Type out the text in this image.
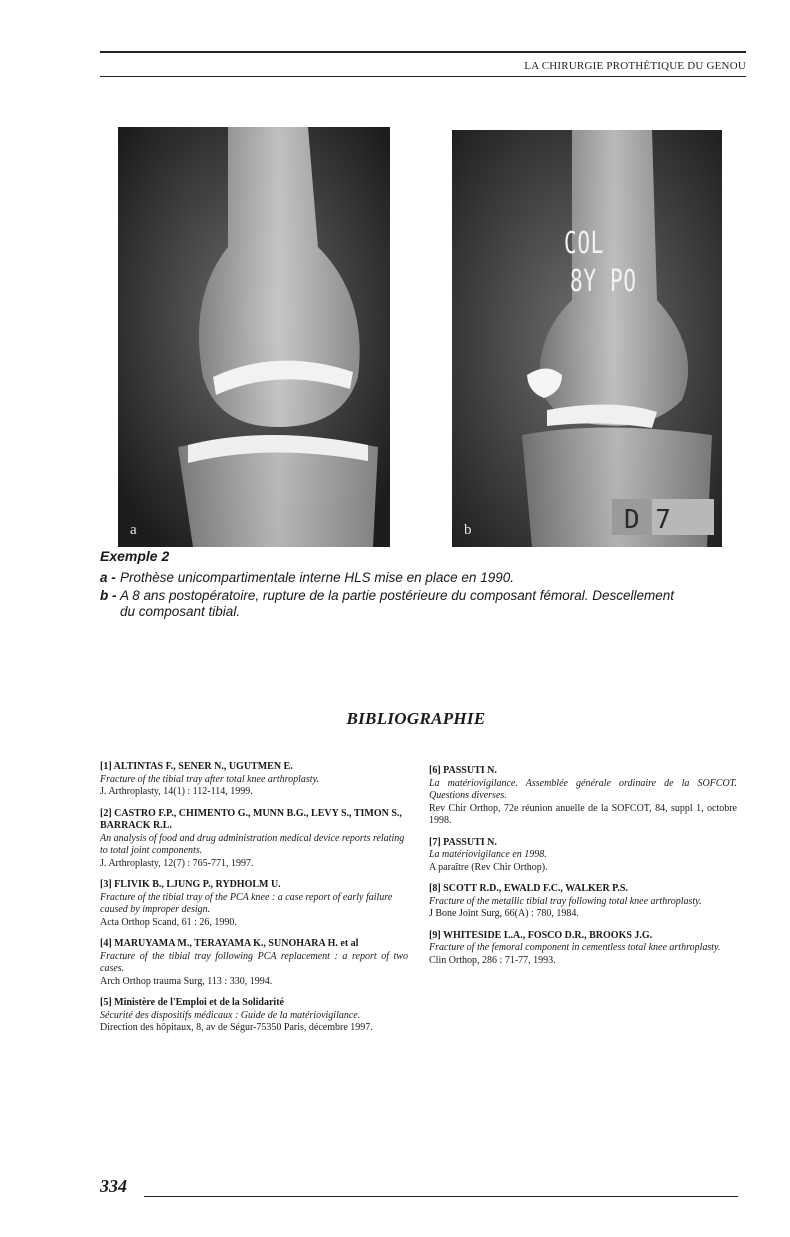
LA CHIRURGIE PROTHÉTIQUE DU GENOU
a
COL
8Y PO
D 7
b
Exemple 2
a - Prothèse unicompartimentale interne HLS mise en place en 1990.
b - A 8 ans postopératoire, rupture de la partie postérieure du composant fémoral. Descellement
du composant tibial.
BIBLIOGRAPHIE
[1] ALTINTAS F., SENER N., UGUTMEN E.
Fracture of the tibial tray after total knee arthroplasty.
J. Arthroplasty, 14(1) : 112-114, 1999.
[2] CASTRO F.P., CHIMENTO G., MUNN B.G., LEVY S., TIMON S., BARRACK R.L.
An analysis of food and drug administration medical device reports relating to total joint components.
J. Arthroplasty, 12(7) : 765-771, 1997.
[3] FLIVIK B., LJUNG P., RYDHOLM U.
Fracture of the tibial tray of the PCA knee : a case report of early failure caused by improper design.
Acta Orthop Scand, 61 : 26, 1990.
[4] MARUYAMA M., TERAYAMA K., SUNOHARA H. et al
Fracture of the tibial tray following PCA replacement : a report of two cases.
Arch Orthop trauma Surg, 113 : 330, 1994.
[5] Ministère de l'Emploi et de la Solidarité
Sécurité des dispositifs médicaux : Guide de la matériovigilance.
Direction des hôpitaux, 8, av de Ségur-75350 Paris, décembre 1997.
[6] PASSUTI N.
La matériovigilance. Assemblée générale ordinaire de la SOFCOT. Questions diverses.
Rev Chir Orthop, 72e réunion anuelle de la SOFCOT, 84, suppl 1, octobre 1998.
[7] PASSUTI N.
La matériovigilance en 1998.
A paraître (Rev Chir Orthop).
[8] SCOTT R.D., EWALD F.C., WALKER P.S.
Fracture of the metallic tibial tray following total knee arthroplasty.
J Bone Joint Surg, 66(A) : 780, 1984.
[9] WHITESIDE L.A., FOSCO D.R., BROOKS J.G.
Fracture of the femoral component in cementless total knee arthroplasty.
Clin Orthop, 286 : 71-77, 1993.
334
